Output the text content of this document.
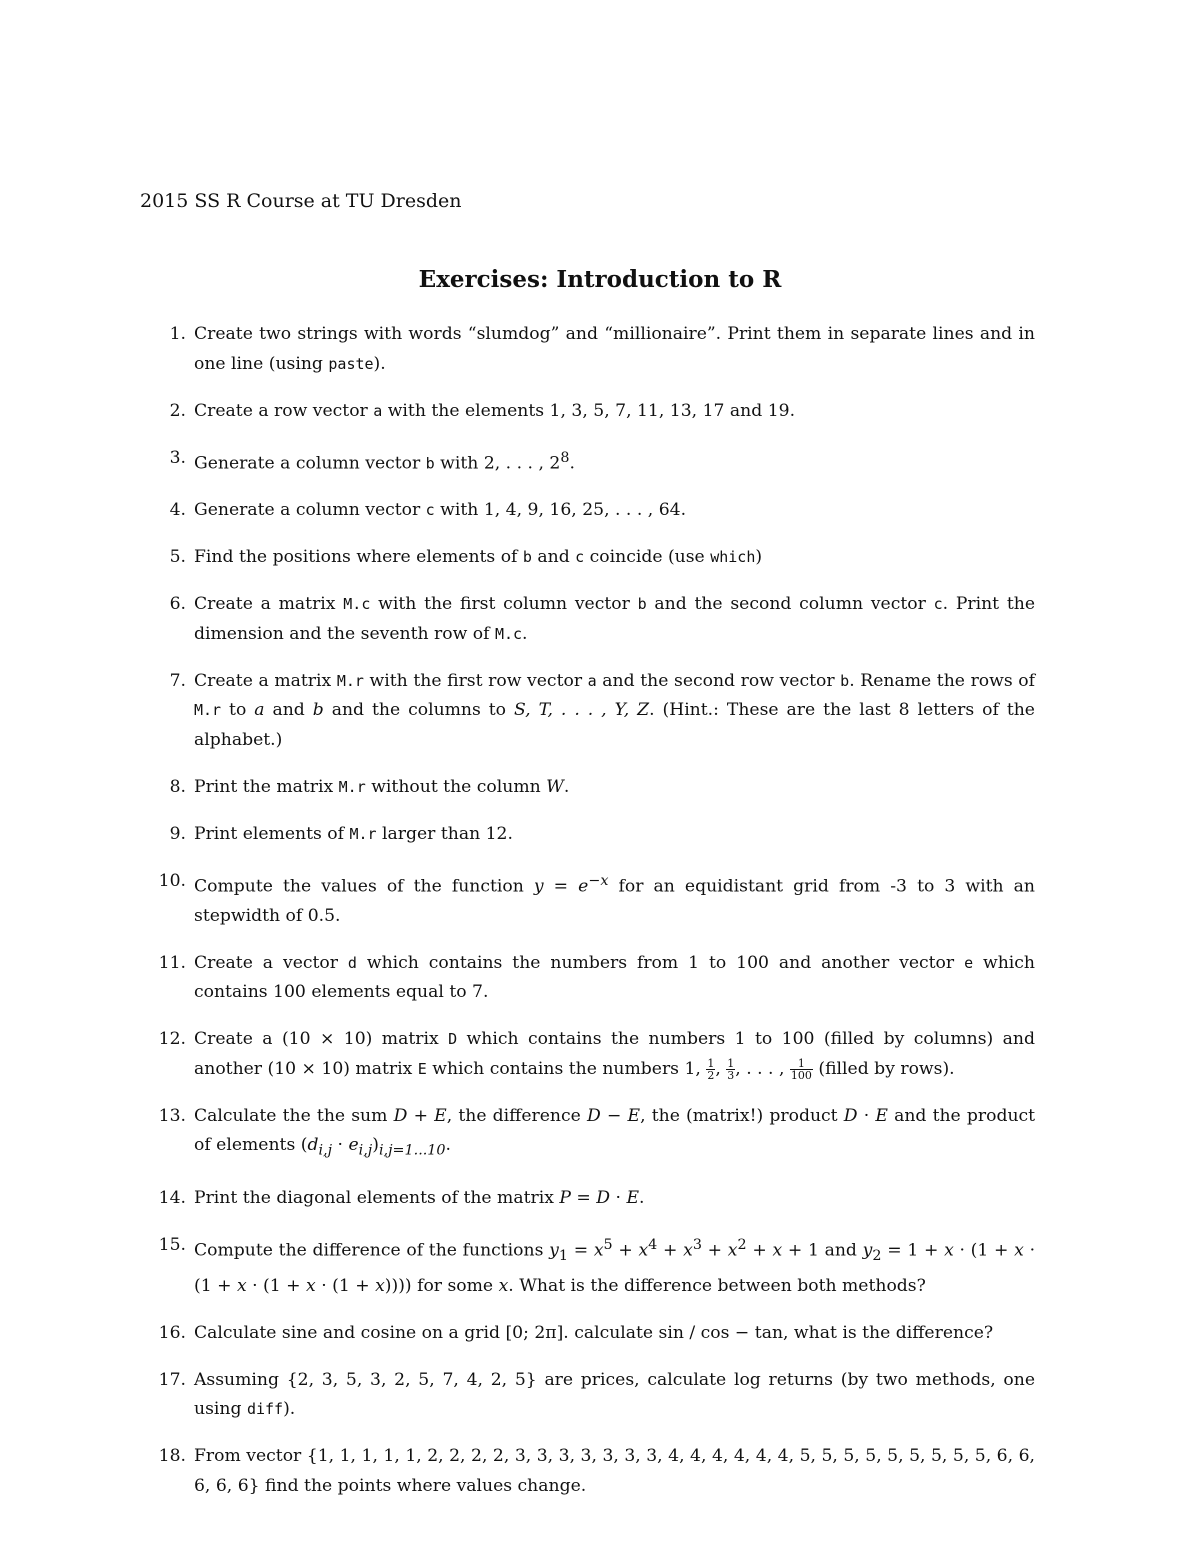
2015 SS R Course at TU Dresden
Exercises: Introduction to R
1. Create two strings with words “slumdog” and “millionaire”. Print them in separate lines and in one line (using paste).
2. Create a row vector a with the elements 1, 3, 5, 7, 11, 13, 17 and 19.
3. Generate a column vector b with 2, . . . , $2^8$.
4. Generate a column vector c with 1, 4, 9, 16, 25, . . . , 64.
5. Find the positions where elements of b and c coincide (use which)
6. Create a matrix M.c with the first column vector b and the second column vector c. Print the dimension and the seventh row of M.c.
7. Create a matrix M.r with the first row vector a and the second row vector b. Rename the rows of M.r to a and b and the columns to S, T, . . . , Y, Z. (Hint.: These are the last 8 letters of the alphabet.)
8. Print the matrix M.r without the column W.
9. Print elements of M.r larger than 12.
10. Compute the values of the function $y = e^{-x}$ for an equidistant grid from -3 to 3 with an stepwidth of 0.5.
11. Create a vector d which contains the numbers from 1 to 100 and another vector e which contains 100 elements equal to 7.
12. Create a (10 × 10) matrix D which contains the numbers 1 to 100 (filled by columns) and another (10 × 10) matrix E which contains the numbers 1, $\frac{1}{2}$ , $\frac{1}{3}$ , . . . , $\frac{1}{100}$ (filled by rows).
13. Calculate the the sum D + E, the difference D − E, the (matrix!) product D · E and the product of elements $(d_{i,j} \cdot e_{i,j})_{i,j=1...10}$.
14. Print the diagonal elements of the matrix P = D · E.
15. Compute the difference of the functions $y_1 = x^5 + x^4 + x^3 + x^2 + x + 1$ and $y_2 = 1 + x \cdot (1 + x \cdot (1 + x \cdot (1 + x \cdot (1 + x))))$ for some x. What is the difference between both methods?
16. Calculate sine and cosine on a grid [0; 2π]. calculate sin / cos − tan, what is the difference?
17. Assuming {2, 3, 5, 3, 2, 5, 7, 4, 2, 5} are prices, calculate log returns (by two methods, one using diff).
18. From vector {1, 1, 1, 1, 1, 2, 2, 2, 2, 3, 3, 3, 3, 3, 3, 3, 4, 4, 4, 4, 4, 4, 5, 5, 5, 5, 5, 5, 5, 5, 5, 6, 6, 6, 6, 6} find the points where values change.
